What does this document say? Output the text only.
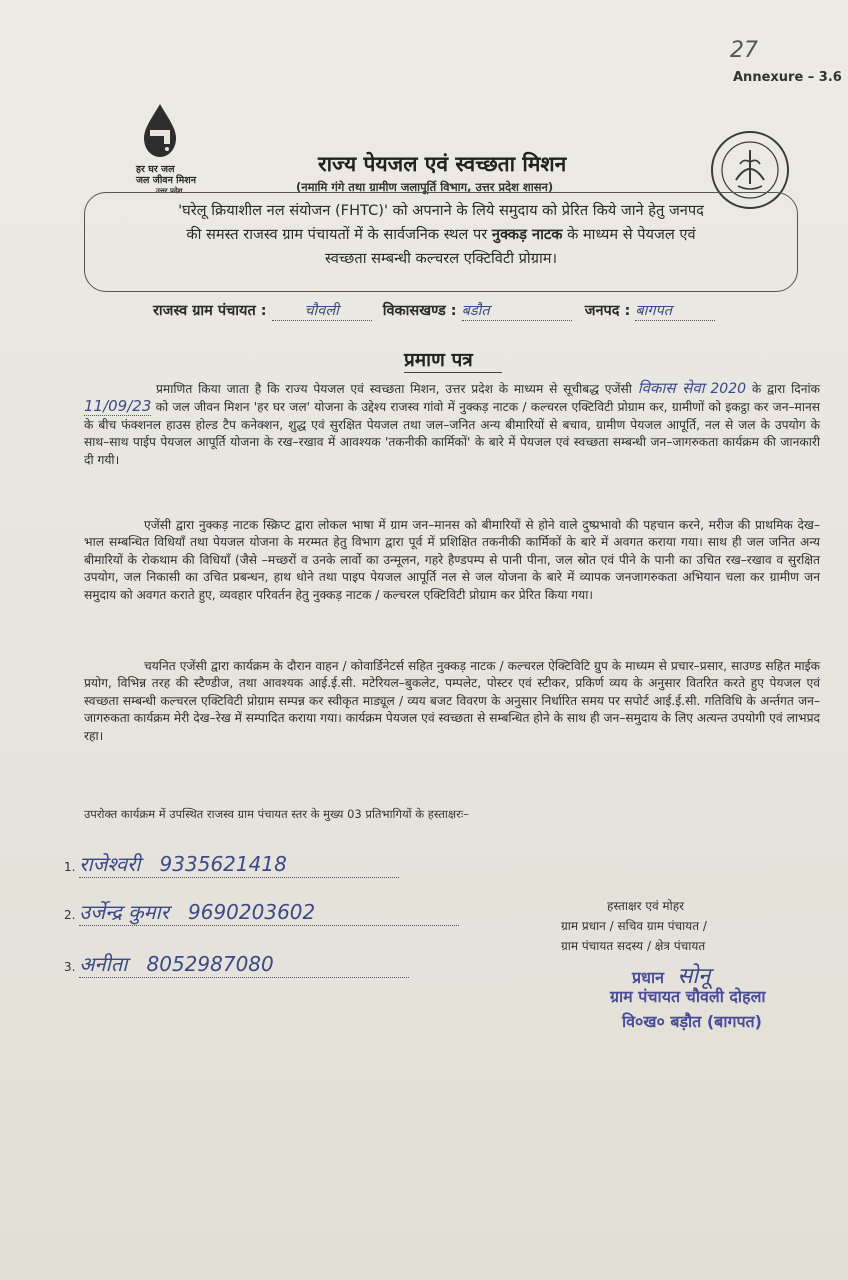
27
Annexure – 3.6
हर घर जल
जल जीवन मिशन
उत्तर प्रदेश
राज्य पेयजल एवं स्वच्छता मिशन
(नमामि गंगे तथा ग्रामीण जलापूर्ति विभाग, उत्तर प्रदेश शासन)
'घरेलू क्रियाशील नल संयोजन (FHTC)' को अपनाने के लिये समुदाय को प्रेरित किये जाने हेतु जनपद
की समस्त राजस्व ग्राम पंचायतों में के सार्वजनिक स्थल पर नुक्कड़ नाटक के माध्यम से पेयजल एवं
स्वच्छता सम्बन्धी कल्चरल एक्टिविटी प्रोग्राम।
राजस्व ग्राम पंचायत :	चौवली	विकासखण्ड : बडौत	जनपद : बागपत
प्रमाण पत्र
प्रमाणित किया जाता है कि राज्य पेयजल एवं स्वच्छता मिशन, उत्तर प्रदेश के माध्यम से सूचीबद्ध एजेंसी विकास सेवा 2020 के द्वारा दिनांक 11/09/23 को जल जीवन मिशन 'हर घर जल' योजना के उद्देश्य राजस्व गांवो में नुक्कड़ नाटक / कल्चरल एक्टिविटी प्रोग्राम कर, ग्रामीणों को इकट्ठा कर जन–मानस के बीच फंक्शनल हाउस होल्ड टैप कनेक्शन, शुद्ध एवं सुरक्षित पेयजल तथा जल–जनित अन्य बीमारियों से बचाव, ग्रामीण पेयजल आपूर्ति, नल से जल के उपयोग के साथ–साथ पाईप पेयजल आपूर्ति योजना के रख–रखाव में आवश्यक 'तकनीकी कार्मिकों' के बारे में पेयजल एवं स्वच्छता सम्बन्धी जन–जागरुकता कार्यक्रम की जानकारी दी गयी।
एजेंसी द्वारा नुक्कड़ नाटक स्क्रिप्ट द्वारा लोकल भाषा में ग्राम जन–मानस को बीमारियों से होने वाले दुष्प्रभावो की पहचान करने, मरीज की प्राथमिक देख–भाल सम्बन्धित विधियाँ तथा पेयजल योजना के मरम्मत हेतु विभाग द्वारा पूर्व में प्रशिक्षित तकनीकी कार्मिकों के बारे में अवगत कराया गया। साथ ही जल जनित अन्य बीमारियों के रोकथाम की विधियाँ (जैसे –मच्छरों व उनके लार्वो का उन्मूलन, गहरे हैण्डपम्प से पानी पीना, जल स्रोत एवं पीने के पानी का उचित रख–रखाव व सुरक्षित उपयोग, जल निकासी का उचित प्रबन्धन, हाथ धोने तथा पाइप पेयजल आपूर्ति नल से जल योजना के बारे में व्यापक जनजागरुकता अभियान चला कर ग्रामीण जन समुदाय को अवगत कराते हुए, व्यवहार परिवर्तन हेतु नुक्कड़ नाटक / कल्चरल एक्टिविटी प्रोग्राम कर प्रेरित किया गया।
चयनित एजेंसी द्वारा कार्यक्रम के दौरान वाहन / कोवार्डिनेटर्स सहित नुक्कड़ नाटक / कल्चरल ऐक्टिविटि ग्रुप के माध्यम से प्रचार–प्रसार, साउण्ड सहित माईक प्रयोग, विभिन्न तरह की स्टैण्डीज, तथा आवश्यक आई.ई.सी. मटेरियल–बुकलेट, पम्पलेट, पोस्टर एवं स्टीकर, प्रकिर्ण व्यय के अनुसार वितरित करते हुए पेयजल एवं स्वच्छता सम्बन्धी कल्चरल एक्टिविटी प्रोग्राम सम्पन्न कर स्वीकृत माड्यूल / व्यय बजट विवरण के अनुसार निर्धारित समय पर सपोर्ट आई.ई.सी. गतिविधि के अर्न्तगत जन–जागरुकता कार्यक्रम मेरी देख–रेख में सम्पादित कराया गया। कार्यक्रम पेयजल एवं स्वच्छता से सम्बन्धित होने के साथ ही जन–समुदाय के लिए अत्यन्त उपयोगी एवं लाभप्रद रहा।
उपरोक्त कार्यक्रम में उपस्थित राजस्व ग्राम पंचायत स्तर के मुख्य 03 प्रतिभागियों के हस्ताक्षरः–
1. राजेश्वरी 9335621418
2. उर्जेन्द्र कुमार 9690203602
3. अनीता 8052987080
हस्ताक्षर एवं मोहर
ग्राम प्रधान / सचिव ग्राम पंचायत /
ग्राम पंचायत सदस्य / क्षेत्र पंचायत
प्रधान सोनू
ग्राम पंचायत चौवली दोहला
वि०ख० बड़ौत (बागपत)
